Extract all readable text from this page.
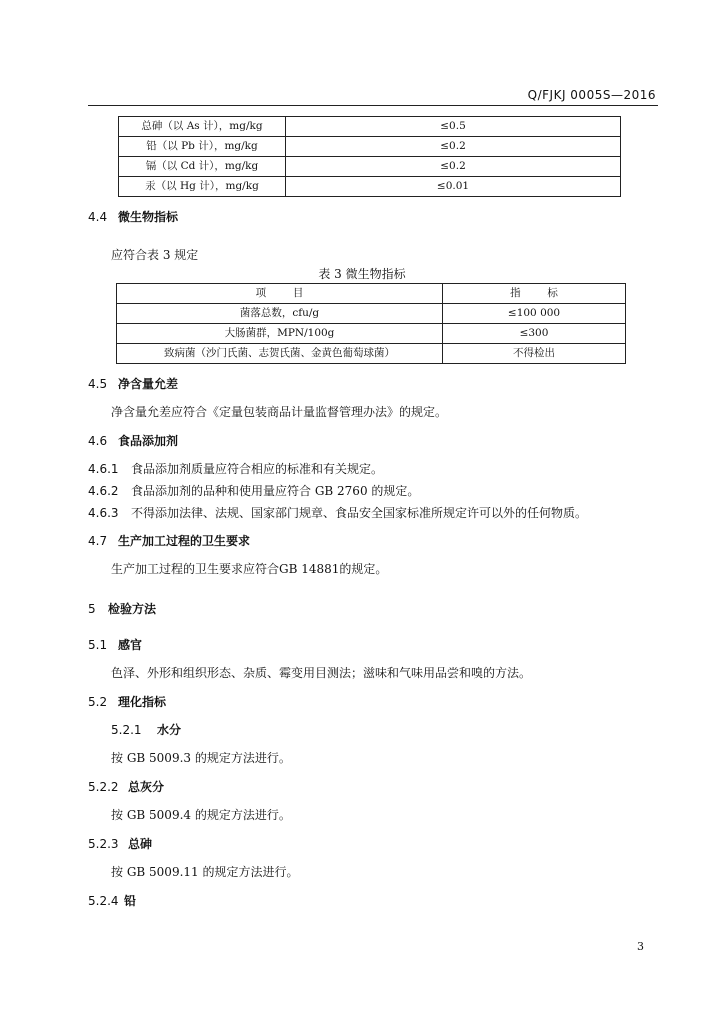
Q/FJKJ 0005S—2016
总砷（以 As 计），mg/kg	≤0.5
铅（以 Pb 计），mg/kg	≤0.2
镉（以 Cd 计），mg/kg	≤0.2
汞（以 Hg 计），mg/kg	≤0.01
4.4 微生物指标
应符合表 3 规定
表 3 微生物指标
项        目	指        标
菌落总数，cfu/g	≤100 000
大肠菌群，MPN/100g	≤300
致病菌（沙门氏菌、志贺氏菌、金黄色葡萄球菌）	不得检出
4.5 净含量允差
净含量允差应符合《定量包装商品计量监督管理办法》的规定。
4.6 食品添加剂
4.6.1 食品添加剂质量应符合相应的标准和有关规定。
4.6.2 食品添加剂的品种和使用量应符合 GB 2760 的规定。
4.6.3 不得添加法律、法规、国家部门规章、食品安全国家标准所规定许可以外的任何物质。
4.7 生产加工过程的卫生要求
生产加工过程的卫生要求应符合GB 14881的规定。
5 检验方法
5.1 感官
色泽、外形和组织形态、杂质、霉变用目测法；滋味和气味用品尝和嗅的方法。
5.2 理化指标
5.2.1 水分
按 GB 5009.3 的规定方法进行。
5.2.2 总灰分
按 GB 5009.4 的规定方法进行。
5.2.3 总砷
按 GB 5009.11 的规定方法进行。
5.2.4 铅
3
